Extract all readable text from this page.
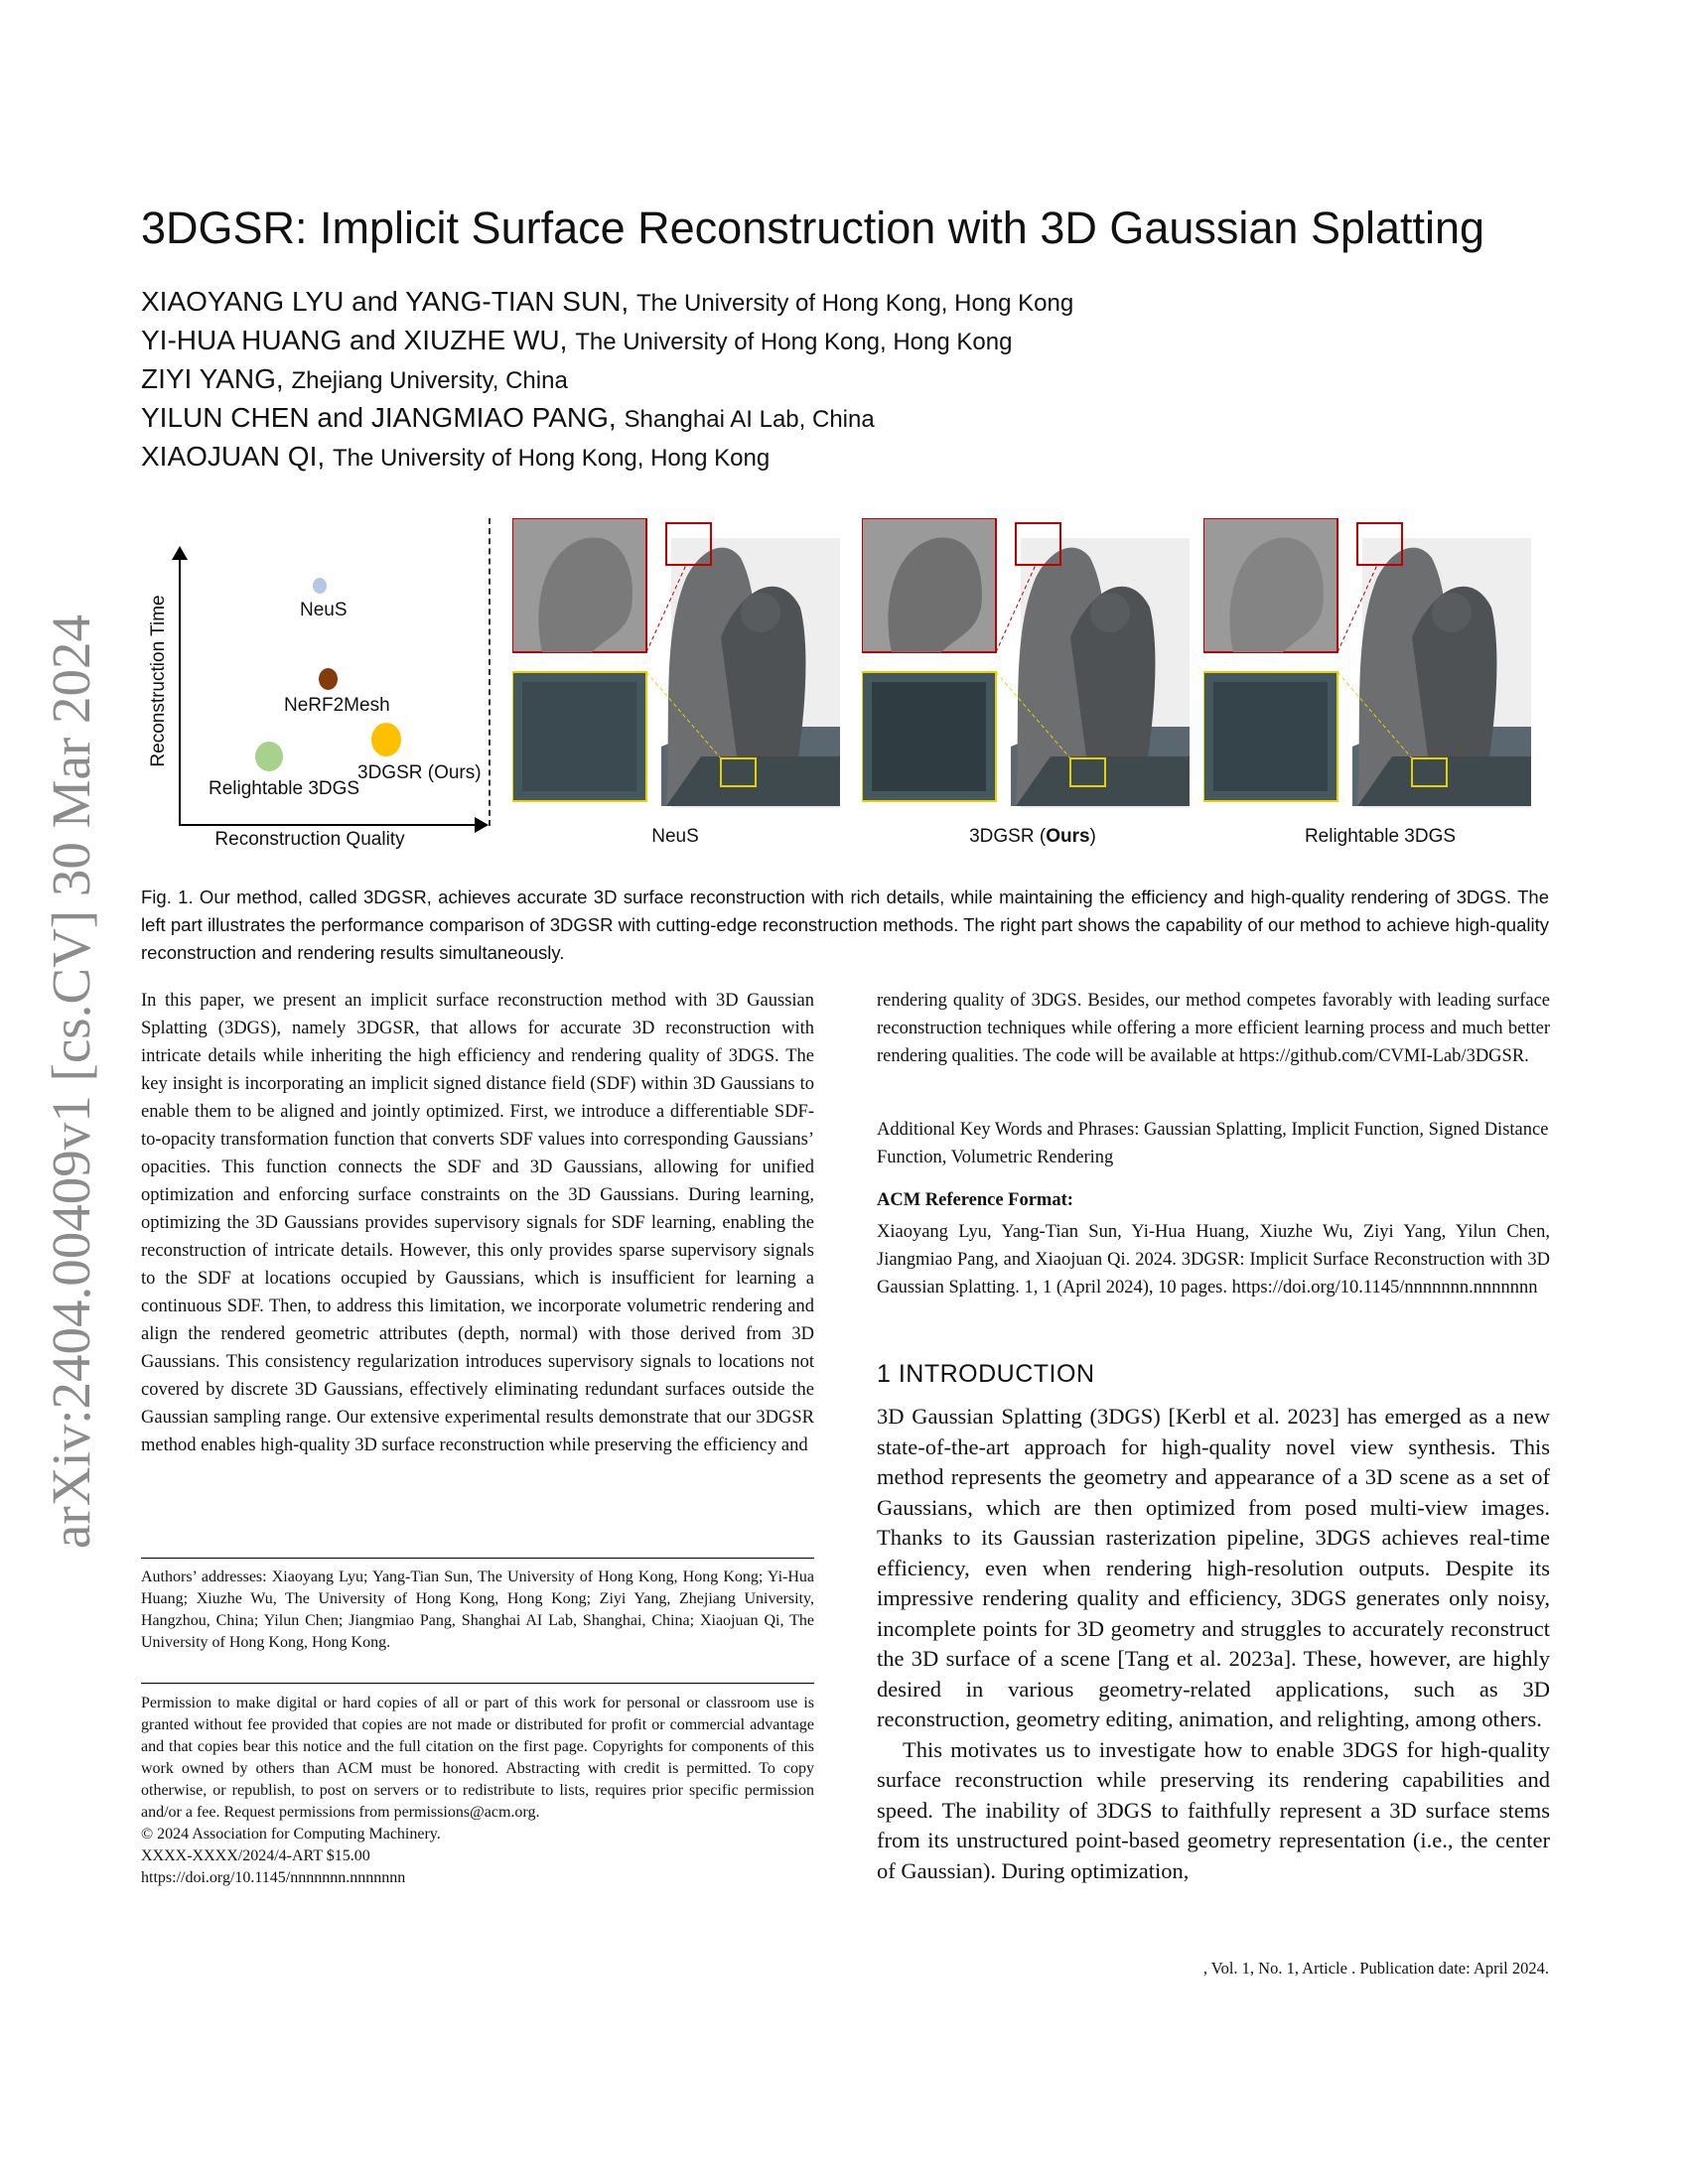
arXiv:2404.00409v1 [cs.CV] 30 Mar 2024
3DGSR: Implicit Surface Reconstruction with 3D Gaussian Splatting
XIAOYANG LYU and YANG-TIAN SUN, The University of Hong Kong, Hong Kong
YI-HUA HUANG and XIUZHE WU, The University of Hong Kong, Hong Kong
ZIYI YANG, Zhejiang University, China
YILUN CHEN and JIANGMIAO PANG, Shanghai AI Lab, China
XIAOJUAN QI, The University of Hong Kong, Hong Kong
Reconstruction Time
Reconstruction Quality
NeuS
NeRF2Mesh
3DGSR (Ours)
Relightable 3DGS
NeuS	3DGSR (Ours)	Relightable 3DGS
Fig. 1. Our method, called 3DGSR, achieves accurate 3D surface reconstruction with rich details, while maintaining the efficiency and high-quality rendering of 3DGS. The left part illustrates the performance comparison of 3DGSR with cutting-edge reconstruction methods. The right part shows the capability of our method to achieve high-quality reconstruction and rendering results simultaneously.
In this paper, we present an implicit surface reconstruction method with 3D Gaussian Splatting (3DGS), namely 3DGSR, that allows for accurate 3D reconstruction with intricate details while inheriting the high efficiency and rendering quality of 3DGS. The key insight is incorporating an implicit signed distance field (SDF) within 3D Gaussians to enable them to be aligned and jointly optimized. First, we introduce a differentiable SDF-to-opacity transformation function that converts SDF values into corresponding Gaussians’ opacities. This function connects the SDF and 3D Gaussians, allowing for unified optimization and enforcing surface constraints on the 3D Gaussians. During learning, optimizing the 3D Gaussians provides supervisory signals for SDF learning, enabling the reconstruction of intricate details. However, this only provides sparse supervisory signals to the SDF at locations occupied by Gaussians, which is insufficient for learning a continuous SDF. Then, to address this limitation, we incorporate volumetric rendering and align the rendered geometric attributes (depth, normal) with those derived from 3D Gaussians. This consistency regularization introduces supervisory signals to locations not covered by discrete 3D Gaussians, effectively eliminating redundant surfaces outside the Gaussian sampling range. Our extensive experimental results demonstrate that our 3DGSR method enables high-quality 3D surface reconstruction while preserving the efficiency and
Authors’ addresses: Xiaoyang Lyu; Yang-Tian Sun, The University of Hong Kong, Hong Kong; Yi-Hua Huang; Xiuzhe Wu, The University of Hong Kong, Hong Kong; Ziyi Yang, Zhejiang University, Hangzhou, China; Yilun Chen; Jiangmiao Pang, Shanghai AI Lab, Shanghai, China; Xiaojuan Qi, The University of Hong Kong, Hong Kong.
Permission to make digital or hard copies of all or part of this work for personal or classroom use is granted without fee provided that copies are not made or distributed for profit or commercial advantage and that copies bear this notice and the full citation on the first page. Copyrights for components of this work owned by others than ACM must be honored. Abstracting with credit is permitted. To copy otherwise, or republish, to post on servers or to redistribute to lists, requires prior specific permission and/or a fee. Request permissions from permissions@acm.org.
© 2024 Association for Computing Machinery.
XXXX-XXXX/2024/4-ART $15.00
https://doi.org/10.1145/nnnnnnn.nnnnnnn
rendering quality of 3DGS. Besides, our method competes favorably with leading surface reconstruction techniques while offering a more efficient learning process and much better rendering qualities. The code will be available at https://github.com/CVMI-Lab/3DGSR.
Additional Key Words and Phrases: Gaussian Splatting, Implicit Function, Signed Distance Function, Volumetric Rendering
ACM Reference Format:
Xiaoyang Lyu, Yang-Tian Sun, Yi-Hua Huang, Xiuzhe Wu, Ziyi Yang, Yilun Chen, Jiangmiao Pang, and Xiaojuan Qi. 2024. 3DGSR: Implicit Surface Reconstruction with 3D Gaussian Splatting. 1, 1 (April 2024), 10 pages. https://doi.org/10.1145/nnnnnnn.nnnnnnn
1 INTRODUCTION

3D Gaussian Splatting (3DGS) [Kerbl et al. 2023] has emerged as a new state-of-the-art approach for high-quality novel view synthesis. This method represents the geometry and appearance of a 3D scene as a set of Gaussians, which are then optimized from posed multi-view images. Thanks to its Gaussian rasterization pipeline, 3DGS achieves real-time efficiency, even when rendering high-resolution outputs. Despite its impressive rendering quality and efficiency, 3DGS generates only noisy, incomplete points for 3D geometry and struggles to accurately reconstruct the 3D surface of a scene [Tang et al. 2023a]. These, however, are highly desired in various geometry-related applications, such as 3D reconstruction, geometry editing, animation, and relighting, among others.

This motivates us to investigate how to enable 3DGS for high-quality surface reconstruction while preserving its rendering capabilities and speed. The inability of 3DGS to faithfully represent a 3D surface stems from its unstructured point-based geometry representation (i.e., the center of Gaussian). During optimization,

, Vol. 1, No. 1, Article . Publication date: April 2024.
